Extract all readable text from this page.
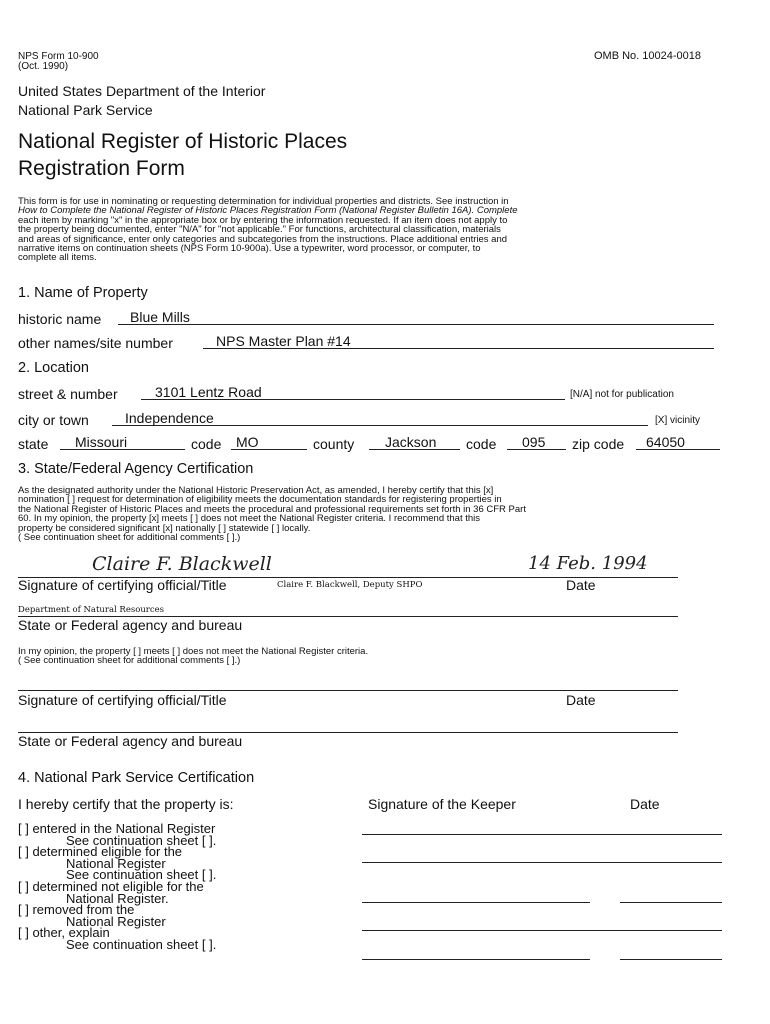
NPS Form 10-900
(Oct. 1990)
OMB No. 10024-0018
United States Department of the Interior
National Park Service
National Register of Historic Places
Registration Form
This form is for use in nominating or requesting determination for individual properties and districts. See instruction in
How to Complete the National Register of Historic Places Registration Form (National Register Bulletin 16A). Complete
each item by marking "x" in the appropriate box or by entering the information requested. If an item does not apply to
the property being documented, enter "N/A" for "not applicable." For functions, architectural classification, materials
and areas of significance, enter only categories and subcategories from the instructions. Place additional entries and
narrative items on continuation sheets (NPS Form 10-900a). Use a typewriter, word processor, or computer, to
complete all items.
1. Name of Property
historic name Blue Mills
other names/site number	NPS Master Plan #14
2. Location
street & number	3101 Lentz Road	[N/A] not for publication
city or town	Independence	[X] vicinity
state Missouri	code MO	county Jackson code 095 zip code 64050
3. State/Federal Agency Certification
As the designated authority under the National Historic Preservation Act, as amended, I hereby certify that this [x]
nomination [ ] request for determination of eligibility meets the documentation standards for registering properties in
the National Register of Historic Places and meets the procedural and professional requirements set forth in 36 CFR Part
60. In my opinion, the property [x] meets [ ] does not meet the National Register criteria. I recommend that this
property be considered significant [x] nationally [ ] statewide [ ] locally.
( See continuation sheet for additional comments [ ].)
Claire F. Blackwell	14 Feb. 1994
Signature of certifying official/Title	Claire F. Blackwell, Deputy SHPO	Date
Department of Natural Resources
State or Federal agency and bureau
In my opinion, the property [ ] meets [ ] does not meet the National Register criteria.
( See continuation sheet for additional comments [ ].)
Signature of certifying official/Title	Date
State or Federal agency and bureau
4. National Park Service Certification
I hereby certify that the property is:	Signature of the Keeper	Date
[ ] entered in the National Register
See continuation sheet [ ].
[ ] determined eligible for the
National Register
See continuation sheet [ ].
[ ] determined not eligible for the
National Register.
[ ] removed from the
National Register
[ ] other, explain
See continuation sheet [ ].
